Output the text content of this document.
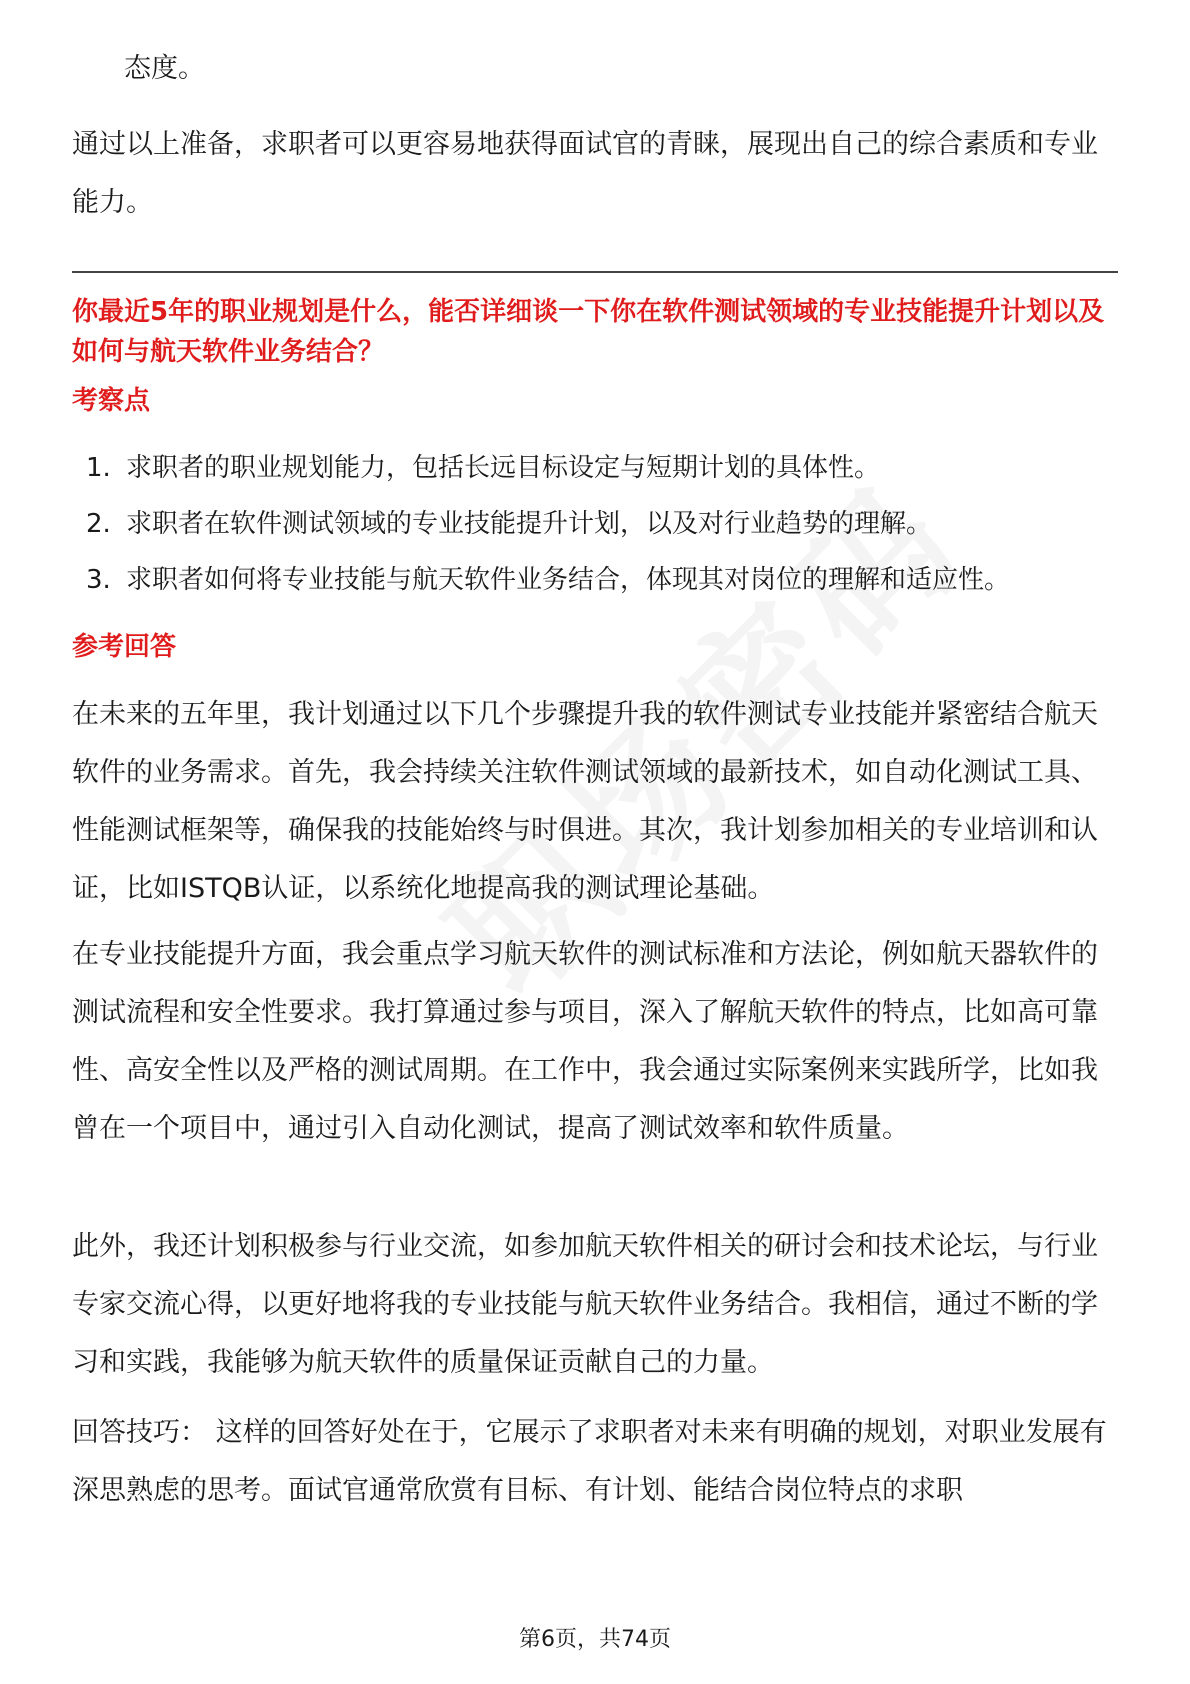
态度。

通过以上准备，求职者可以更容易地获得面试官的青睐，展现出自己的综合素质和专业能力。

你最近5年的职业规划是什么，能否详细谈一下你在软件测试领域的专业技能提升计划以及如何与航天软件业务结合？

考察点

1. 求职者的职业规划能力，包括长远目标设定与短期计划的具体性。
2. 求职者在软件测试领域的专业技能提升计划，以及对行业趋势的理解。
3. 求职者如何将专业技能与航天软件业务结合，体现其对岗位的理解和适应性。

参考回答

在未来的五年里，我计划通过以下几个步骤提升我的软件测试专业技能并紧密结合航天软件的业务需求。首先，我会持续关注软件测试领域的最新技术，如自动化测试工具、性能测试框架等，确保我的技能始终与时俱进。其次，我计划参加相关的专业培训和认证，比如ISTQB认证，以系统化地提高我的测试理论基础。

在专业技能提升方面，我会重点学习航天软件的测试标准和方法论，例如航天器软件的测试流程和安全性要求。我打算通过参与项目，深入了解航天软件的特点，比如高可靠性、高安全性以及严格的测试周期。在工作中，我会通过实际案例来实践所学，比如我曾在一个项目中，通过引入自动化测试，提高了测试效率和软件质量。

此外，我还计划积极参与行业交流，如参加航天软件相关的研讨会和技术论坛，与行业专家交流心得，以更好地将我的专业技能与航天软件业务结合。我相信，通过不断的学习和实践，我能够为航天软件的质量保证贡献自己的力量。

回答技巧： 这样的回答好处在于，它展示了求职者对未来有明确的规划，对职业发展有深思熟虑的思考。面试官通常欣赏有目标、有计划、能结合岗位特点的求职

第6页，共74页
